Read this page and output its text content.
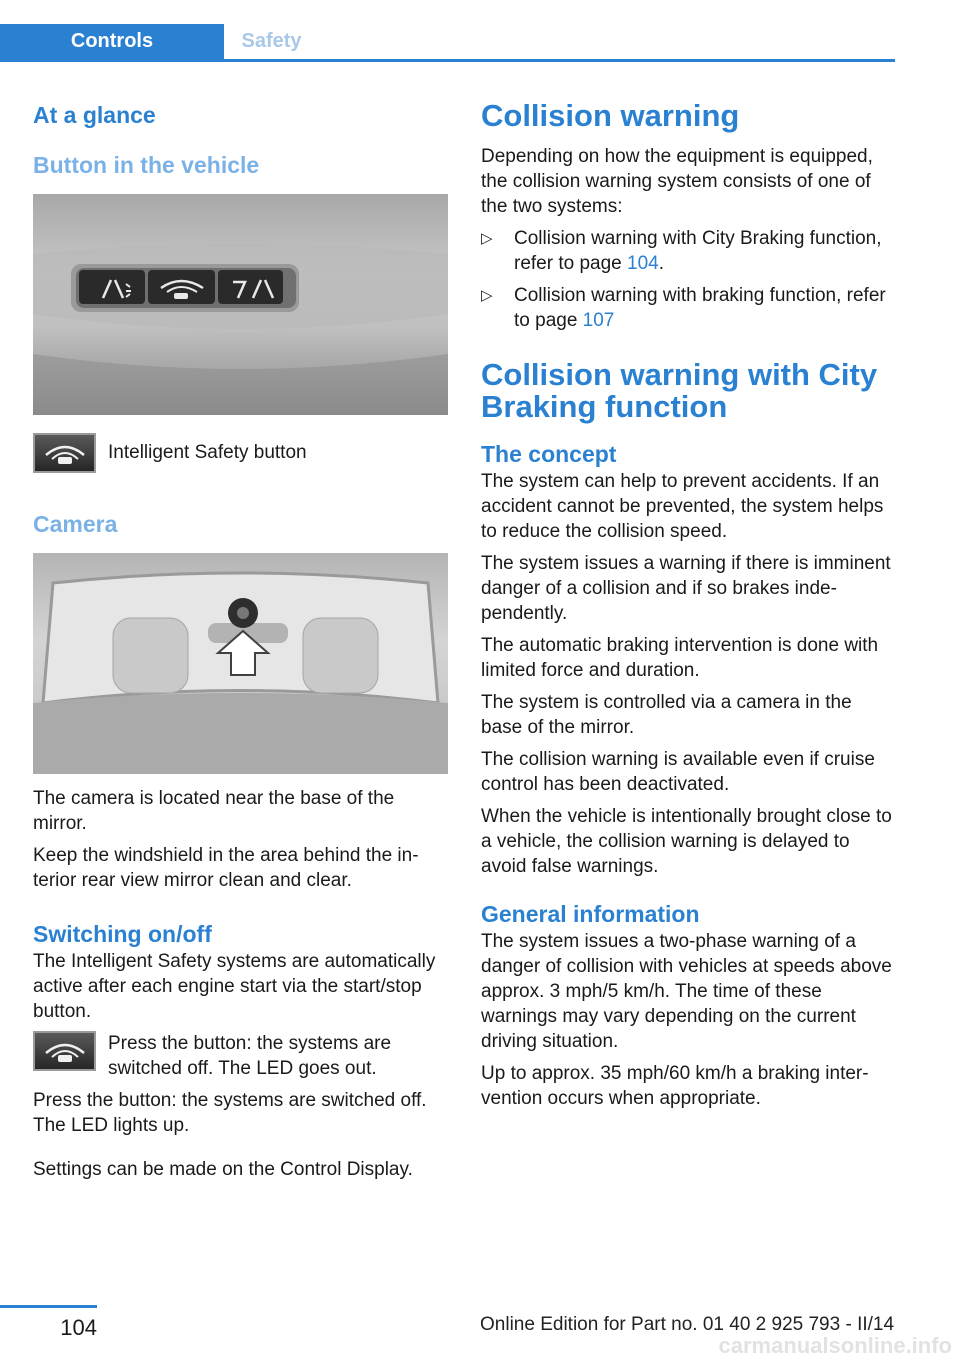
Controls	Safety
At a glance
Button in the vehicle

Intelligent Safety button

Camera

The camera is located near the base of the mirror.

Keep the windshield in the area behind the interior rear view mirror clean and clear.

Switching on/off

The Intelligent Safety systems are automatically active after each engine start via the start/stop button.

Press the button: the systems are switched off. The LED goes out.

Press the button: the systems are switched off. The LED lights up.

Settings can be made on the Control Display.

Collision warning

Depending on how the equipment is equipped, the collision warning system consists of one of the two systems:

▷	Collision warning with City Braking function, refer to page 104.

▷	Collision warning with braking function, refer to page 107

Collision warning with City Braking function
The concept

The system can help to prevent accidents. If an accident cannot be prevented, the system helps to reduce the collision speed.

The system issues a warning if there is imminent danger of a collision and if so brakes independently.

The automatic braking intervention is done with limited force and duration.

The system is controlled via a camera in the base of the mirror.

The collision warning is available even if cruise control has been deactivated.

When the vehicle is intentionally brought close to a vehicle, the collision warning is delayed to avoid false warnings.

General information

The system issues a two-phase warning of a danger of collision with vehicles at speeds above approx. 3 mph/5 km/h. The time of these warnings may vary depending on the current driving situation.

Up to approx. 35 mph/60 km/h a braking intervention occurs when appropriate.

104	Online Edition for Part no. 01 40 2 925 793 - II/14
carmanualsonline.info
